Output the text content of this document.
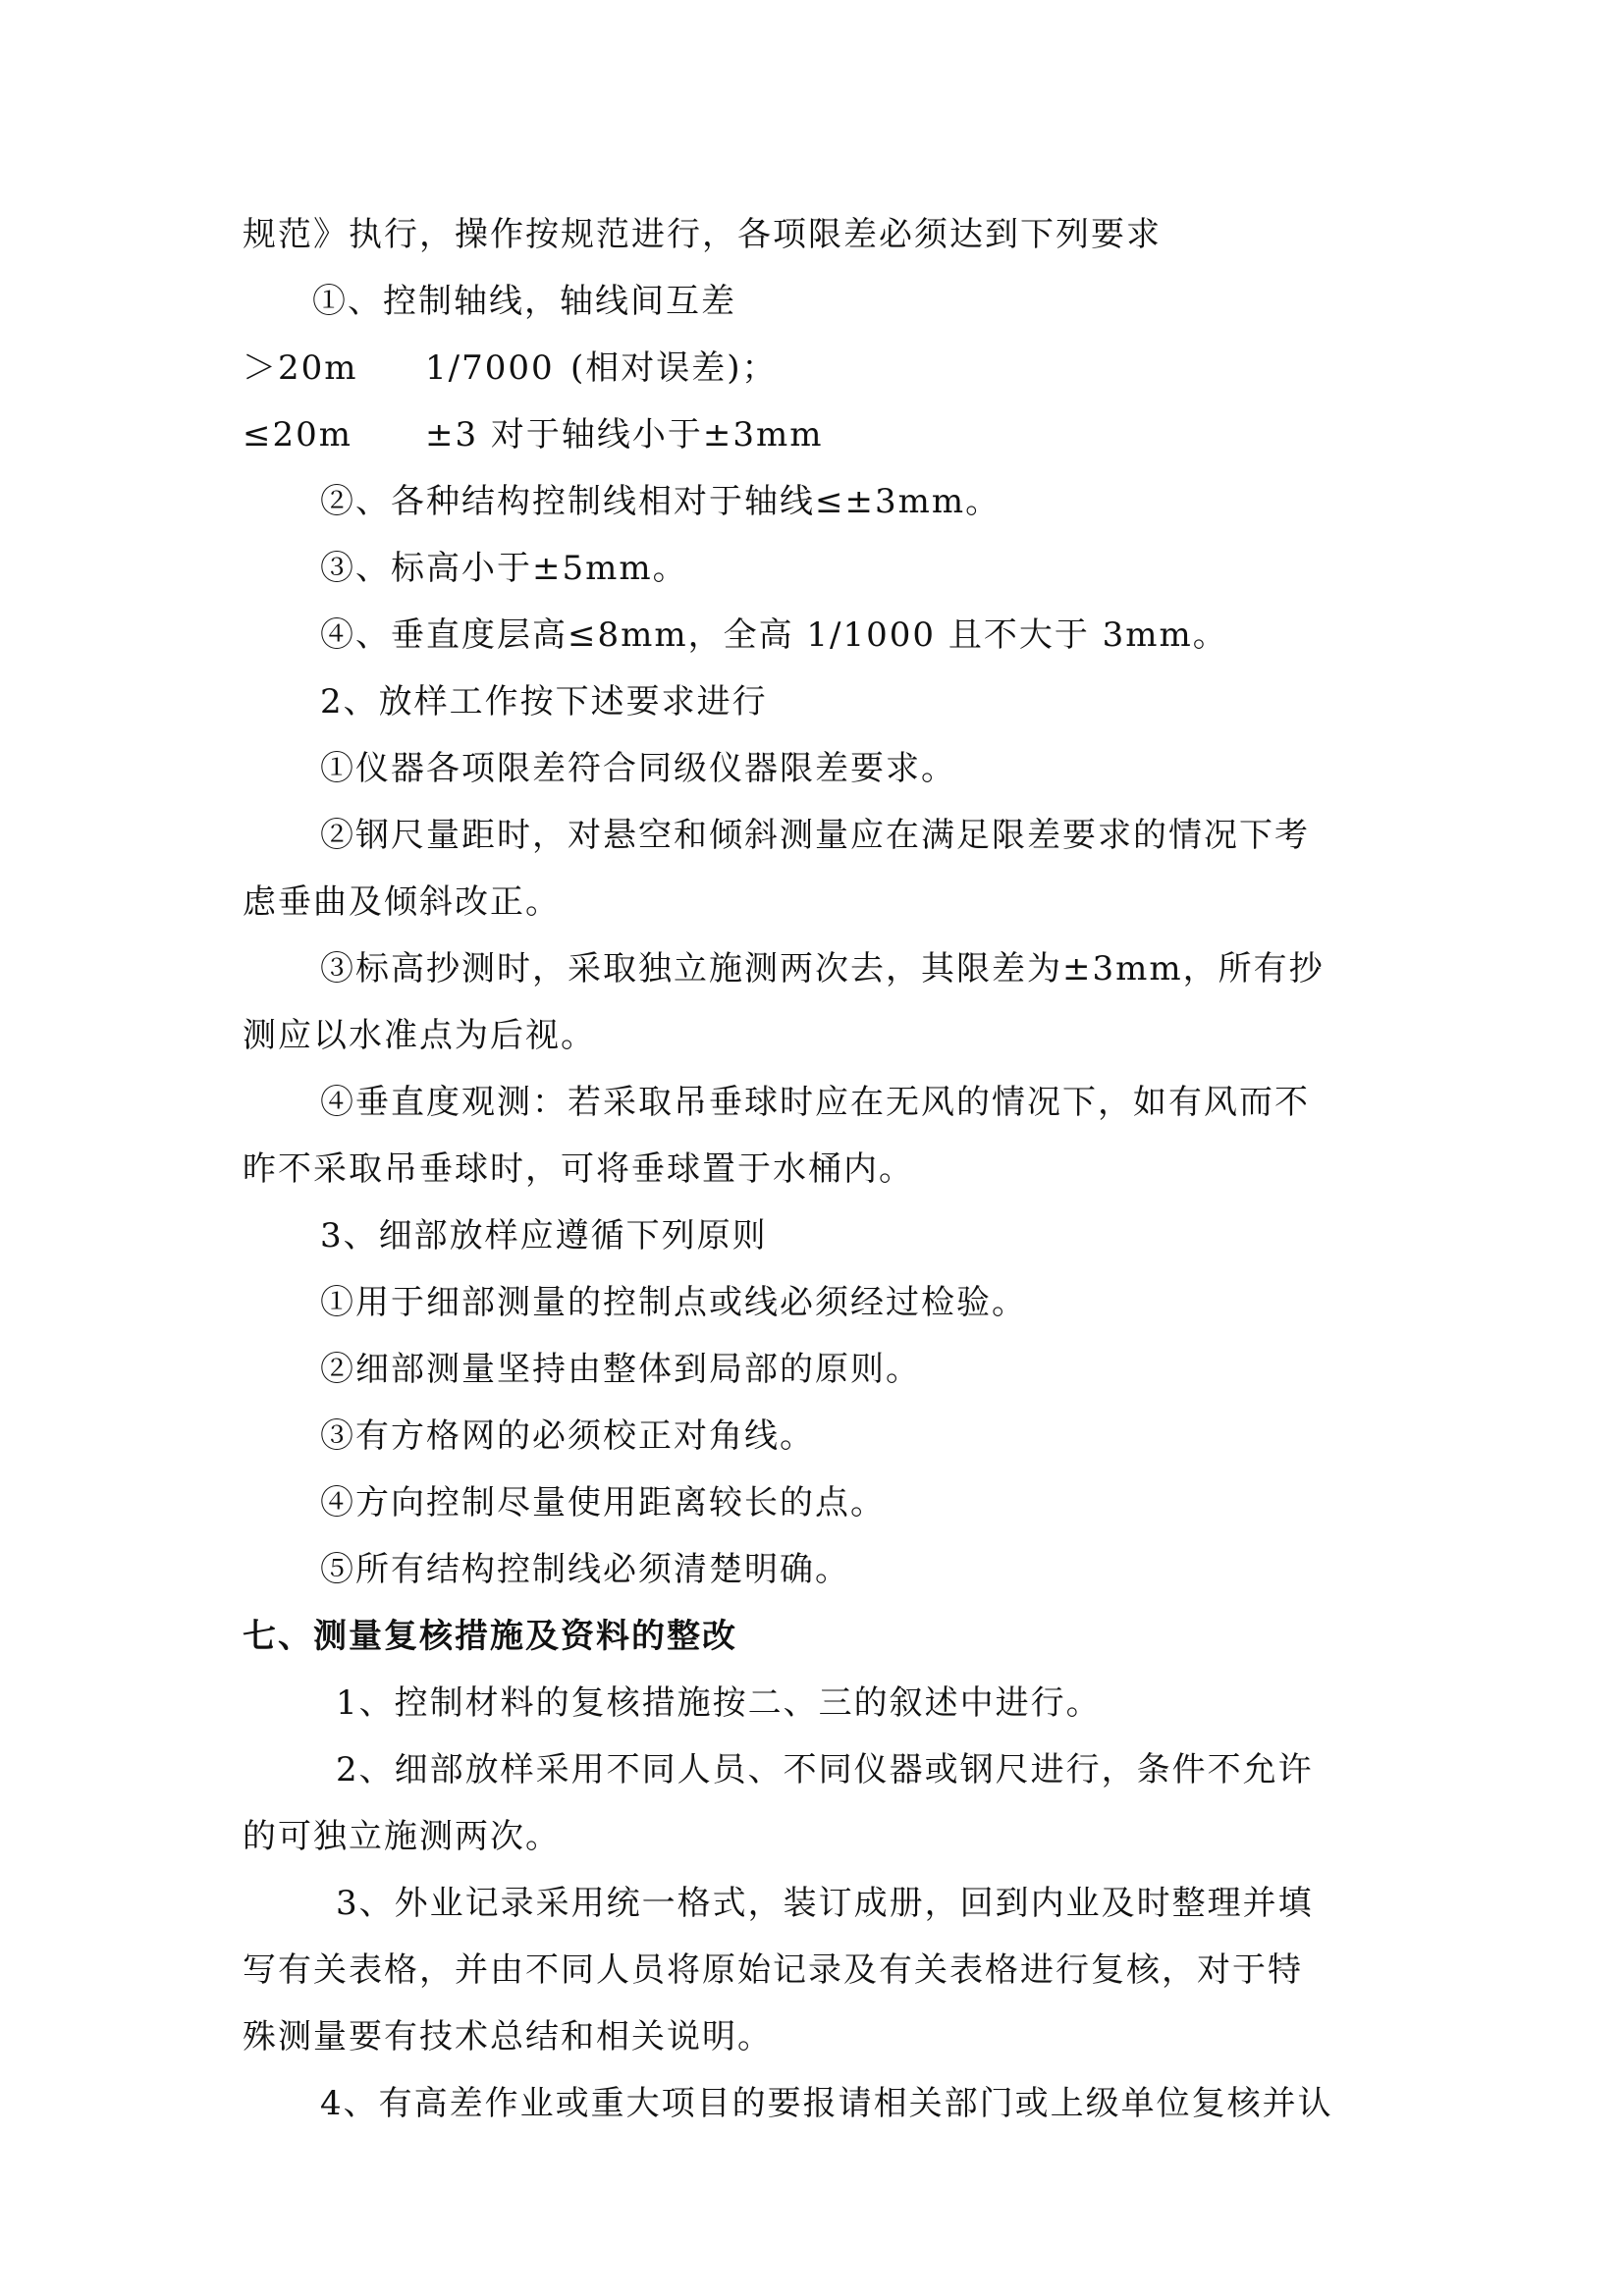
规范》执行，操作按规范进行，各项限差必须达到下列要求
①、控制轴线，轴线间互差
＞20m 1/7000 (相对误差)；
≤20m ±3 对于轴线小于±3mm
②、各种结构控制线相对于轴线≤±3mm。
③、标高小于±5mm。
④、垂直度层高≤8mm，全高 1/1000 且不大于 3mm。
2、放样工作按下述要求进行
①仪器各项限差符合同级仪器限差要求。
②钢尺量距时，对悬空和倾斜测量应在满足限差要求的情况下考
虑垂曲及倾斜改正。
③标高抄测时，采取独立施测两次去，其限差为±3mm，所有抄
测应以水准点为后视。
④垂直度观测：若采取吊垂球时应在无风的情况下，如有风而不
昨不采取吊垂球时，可将垂球置于水桶内。
3、细部放样应遵循下列原则
①用于细部测量的控制点或线必须经过检验。
②细部测量坚持由整体到局部的原则。
③有方格网的必须校正对角线。
④方向控制尽量使用距离较长的点。
⑤所有结构控制线必须清楚明确。
七、测量复核措施及资料的整改
1、控制材料的复核措施按二、三的叙述中进行。
2、细部放样采用不同人员、不同仪器或钢尺进行，条件不允许
的可独立施测两次。
3、外业记录采用统一格式，装订成册，回到内业及时整理并填
写有关表格，并由不同人员将原始记录及有关表格进行复核，对于特
殊测量要有技术总结和相关说明。
4、有高差作业或重大项目的要报请相关部门或上级单位复核并认
